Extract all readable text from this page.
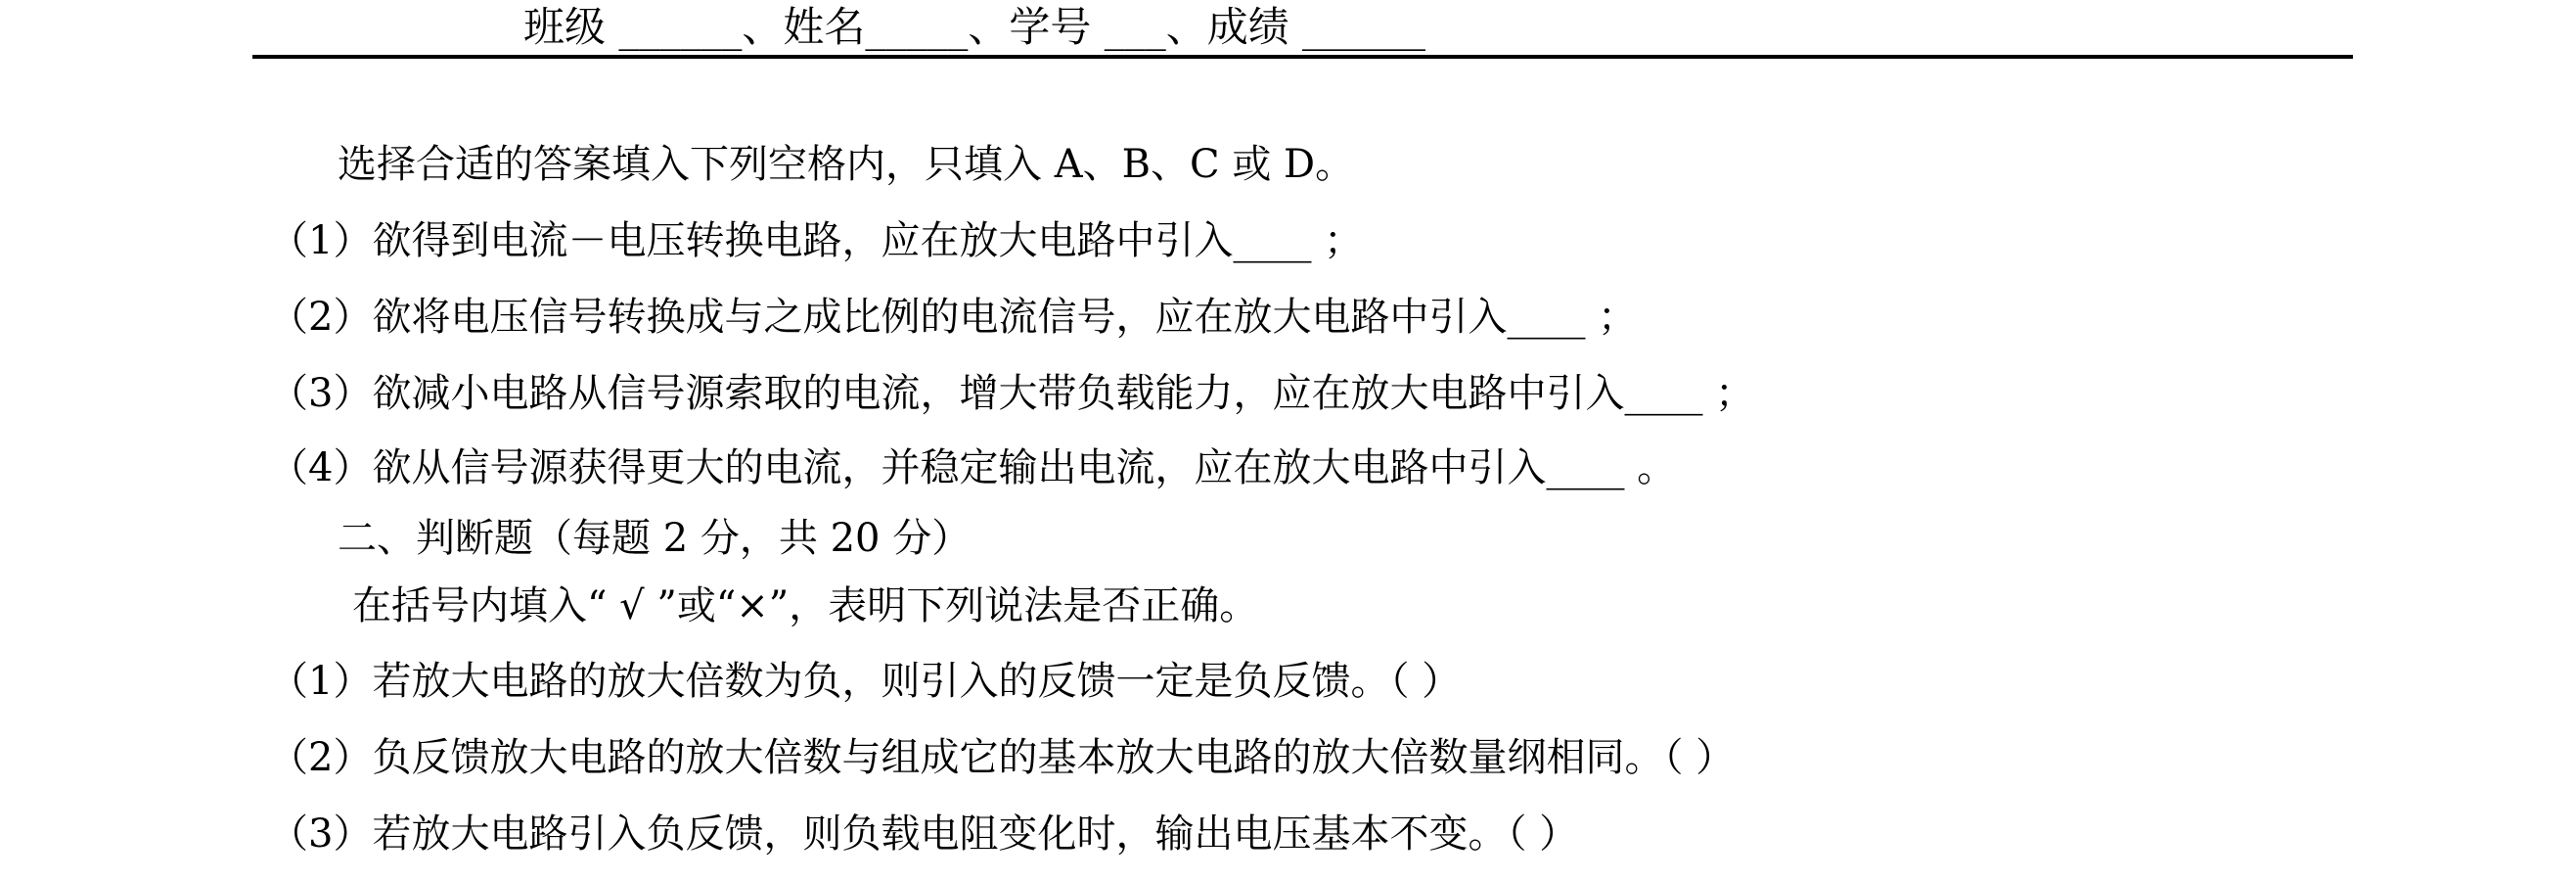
班级 ______、姓名_____、学号 ___、成绩 ______
选择合适的答案填入下列空格内，只填入 A、B、C 或 D。
（1）欲得到电流－电压转换电路，应在放大电路中引入____ ；
（2）欲将电压信号转换成与之成比例的电流信号，应在放大电路中引入____ ；
（3）欲减小电路从信号源索取的电流，增大带负载能力，应在放大电路中引入____ ；
（4）欲从信号源获得更大的电流，并稳定输出电流，应在放大电路中引入____ 。
二、判断题（每题 2 分，共 20 分）
在括号内填入“ √ ”或“×”，表明下列说法是否正确。
（1）若放大电路的放大倍数为负，则引入的反馈一定是负反馈。（ ）
（2）负反馈放大电路的放大倍数与组成它的基本放大电路的放大倍数量纲相同。（ ）
（3）若放大电路引入负反馈，则负载电阻变化时，输出电压基本不变。（ ）
